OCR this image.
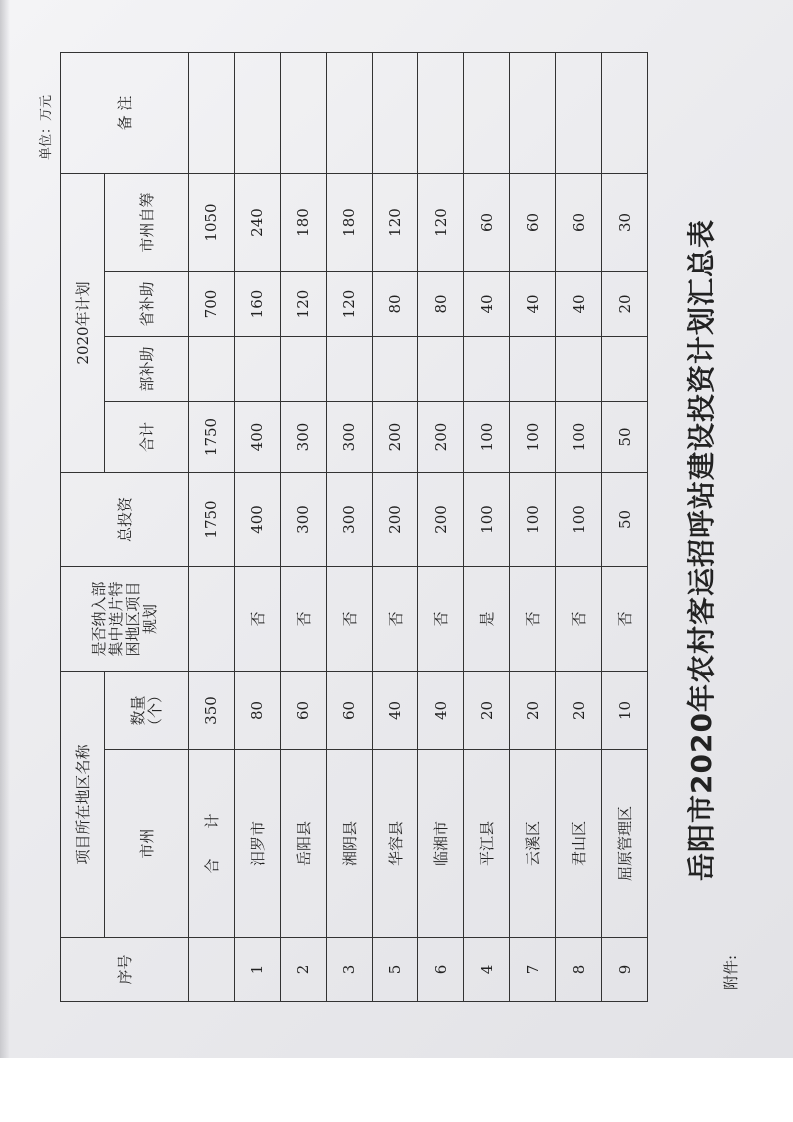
单位：万元
序号	项目所在地区名称		是否纳入部集中连片特困地区项目规划	总投资	2020年计划				备 注
	市州	数量（个）			合计	部补助	省补助	市州自筹	
	合　　计	350		1750	1750		700	1050	
1	汨罗市	80	否	400	400		160	240	
2	岳阳县	60	否	300	300		120	180	
3	湘阴县	60	否	300	300		120	180	
5	华容县	40	否	200	200		80	120	
6	临湘市	40	否	200	200		80	120	
4	平江县	20	是	100	100		40	60	
7	云溪区	20	否	100	100		40	60	
8	君山区	20	否	100	100		40	60	
9	屈原管理区	10	否	50	50		20	30	岳阳市2020年农村客运招呼站建设投资计划汇总表
附件:
